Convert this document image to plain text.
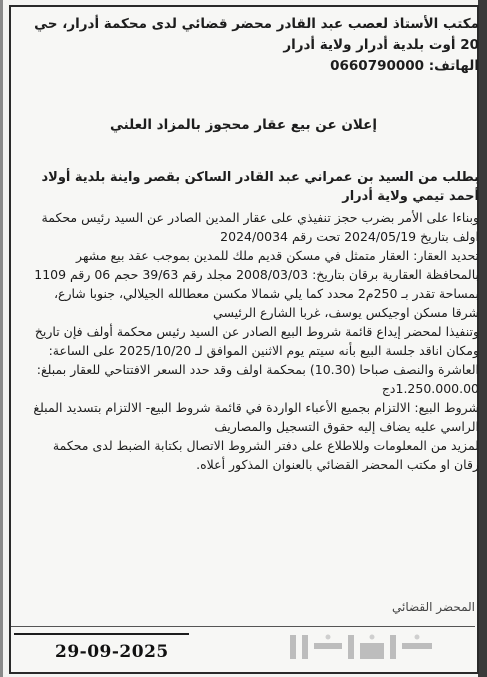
مكتب الأستاذ لعصب عبد القادر محضر قضائي لدى محكمة أدرار، حي
20 أوت بلدية أدرار ولاية أدرار
الهاتف: 0660790000
إعلان عن بيع عقار محجوز بالمزاد العلني
بطلب من السيد بن عمراني عبد القادر الساكن بقصر واينة بلدية أولاد أحمد تيمي ولاية أدرار
وبناءا على الأمر بضرب حجز تنفيذي على عقار المدين الصادر عن السيد رئيس محكمة اولف بتاريخ 2024/05/19 تحت رقم 2024/0034
تحديد العقار: العقار متمثل في مسكن قديم ملك للمدين بموجب عقد بيع مشهر بالمحافظة العقارية برقان بتاريخ: 2008/03/03 مجلد رقم 39/63 حجم 06 رقم 1109 بمساحة تقدر بـ 250م2 محدد كما يلي شمالا مكسن معطالله الجيلالي، جنوبا شارع، شرقا مسكن اوجيكس يوسف، غربا الشارع الرئيسي
وتنفيذا لمحضر إيداع قائمة شروط البيع الصادر عن السيد رئيس محكمة أولف فإن تاريخ ومكان اناقد جلسة البيع بأنه سيتم يوم الاثنين الموافق لـ 2025/10/20 على الساعة: العاشرة والنصف صباحا (10.30) بمحكمة اولف وقد حدد السعر الافتتاحي للعقار بمبلغ: 1.250.000.00دج
شروط البيع: الالتزام بجميع الأعباء الواردة في قائمة شروط البيع- الالتزام بتسديد المبلغ الراسي عليه يضاف إليه حقوق التسجيل والمصاريف
لمزيد من المعلومات وللاطلاع على دفتر الشروط الاتصال بكتابة الضبط لدى محكمة رقان او مكتب المحضر القضائي بالعنوان المذكور أعلاه.
المحضر القضائي
29-09-2025
